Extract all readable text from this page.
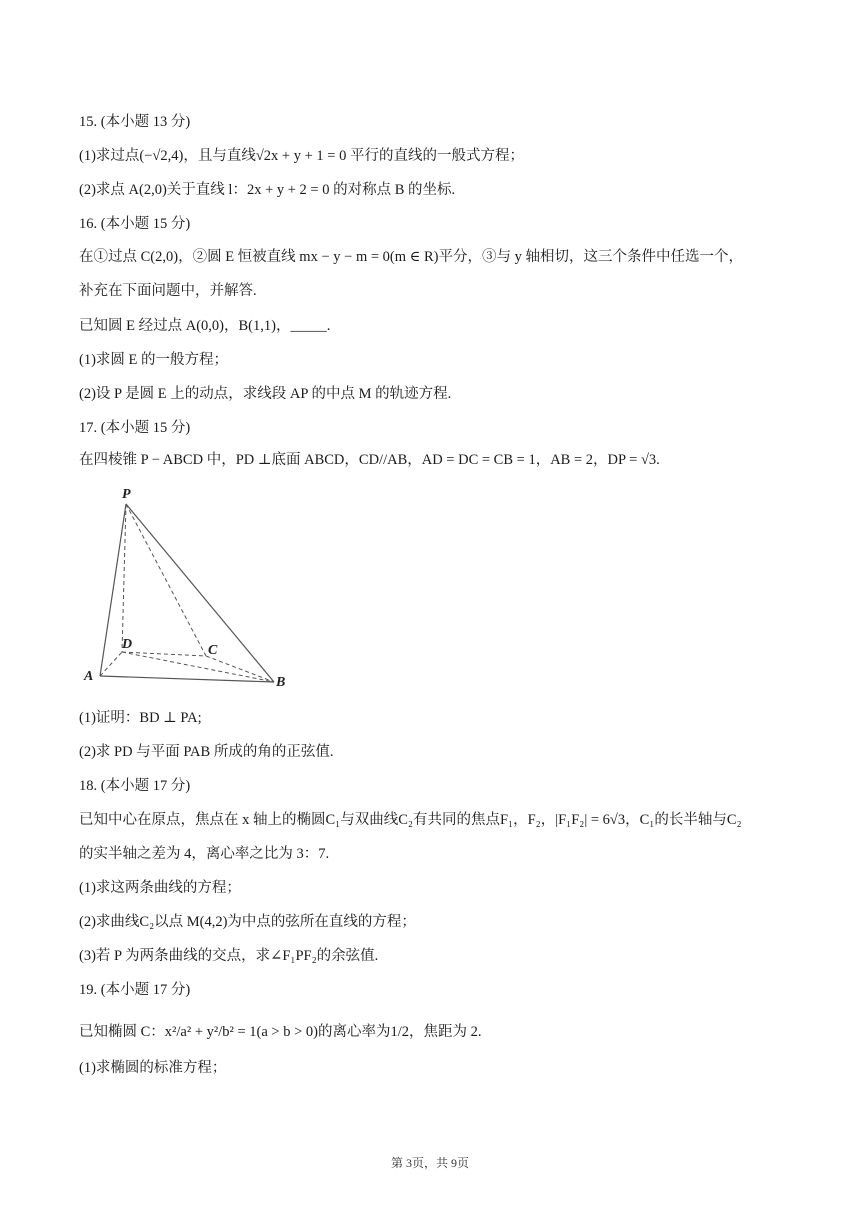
15. (本小题 13 分)
(1)求过点(−√2,4)，且与直线√2x + y + 1 = 0 平行的直线的一般式方程；
(2)求点 A(2,0)关于直线 l：2x + y + 2 = 0 的对称点 B 的坐标.
16. (本小题 15 分)
在①过点 C(2,0)，②圆 E 恒被直线 mx − y − m = 0(m ∈ R)平分，③与 y 轴相切，这三个条件中任选一个，
补充在下面问题中，并解答.
已知圆 E 经过点 A(0,0)，B(1,1)，_____.
(1)求圆 E 的一般方程；
(2)设 P 是圆 E 上的动点，求线段 AP 的中点 M 的轨迹方程.
17. (本小题 15 分)
在四棱锥 P − ABCD 中，PD ⊥底面 ABCD，CD//AB，AD = DC = CB = 1，AB = 2，DP = √3.
P
D	C
A	B
(1)证明：BD ⊥ PA;
(2)求 PD 与平面 PAB 所成的角的正弦值.
18. (本小题 17 分)
已知中心在原点，焦点在 x 轴上的椭圆C₁与双曲线C₂有共同的焦点F₁，F₂，|F₁F₂| = 6√3，C₁的长半轴与C₂
的实半轴之差为 4，离心率之比为 3：7.
(1)求这两条曲线的方程；
(2)求曲线C₂以点 M(4,2)为中点的弦所在直线的方程；
(3)若 P 为两条曲线的交点，求∠F₁PF₂的余弦值.
19. (本小题 17 分)
已知椭圆 C：x²/a² + y²/b² = 1(a > b > 0)的离心率为1/2，焦距为 2.
(1)求椭圆的标准方程；
第 3页，共 9页
